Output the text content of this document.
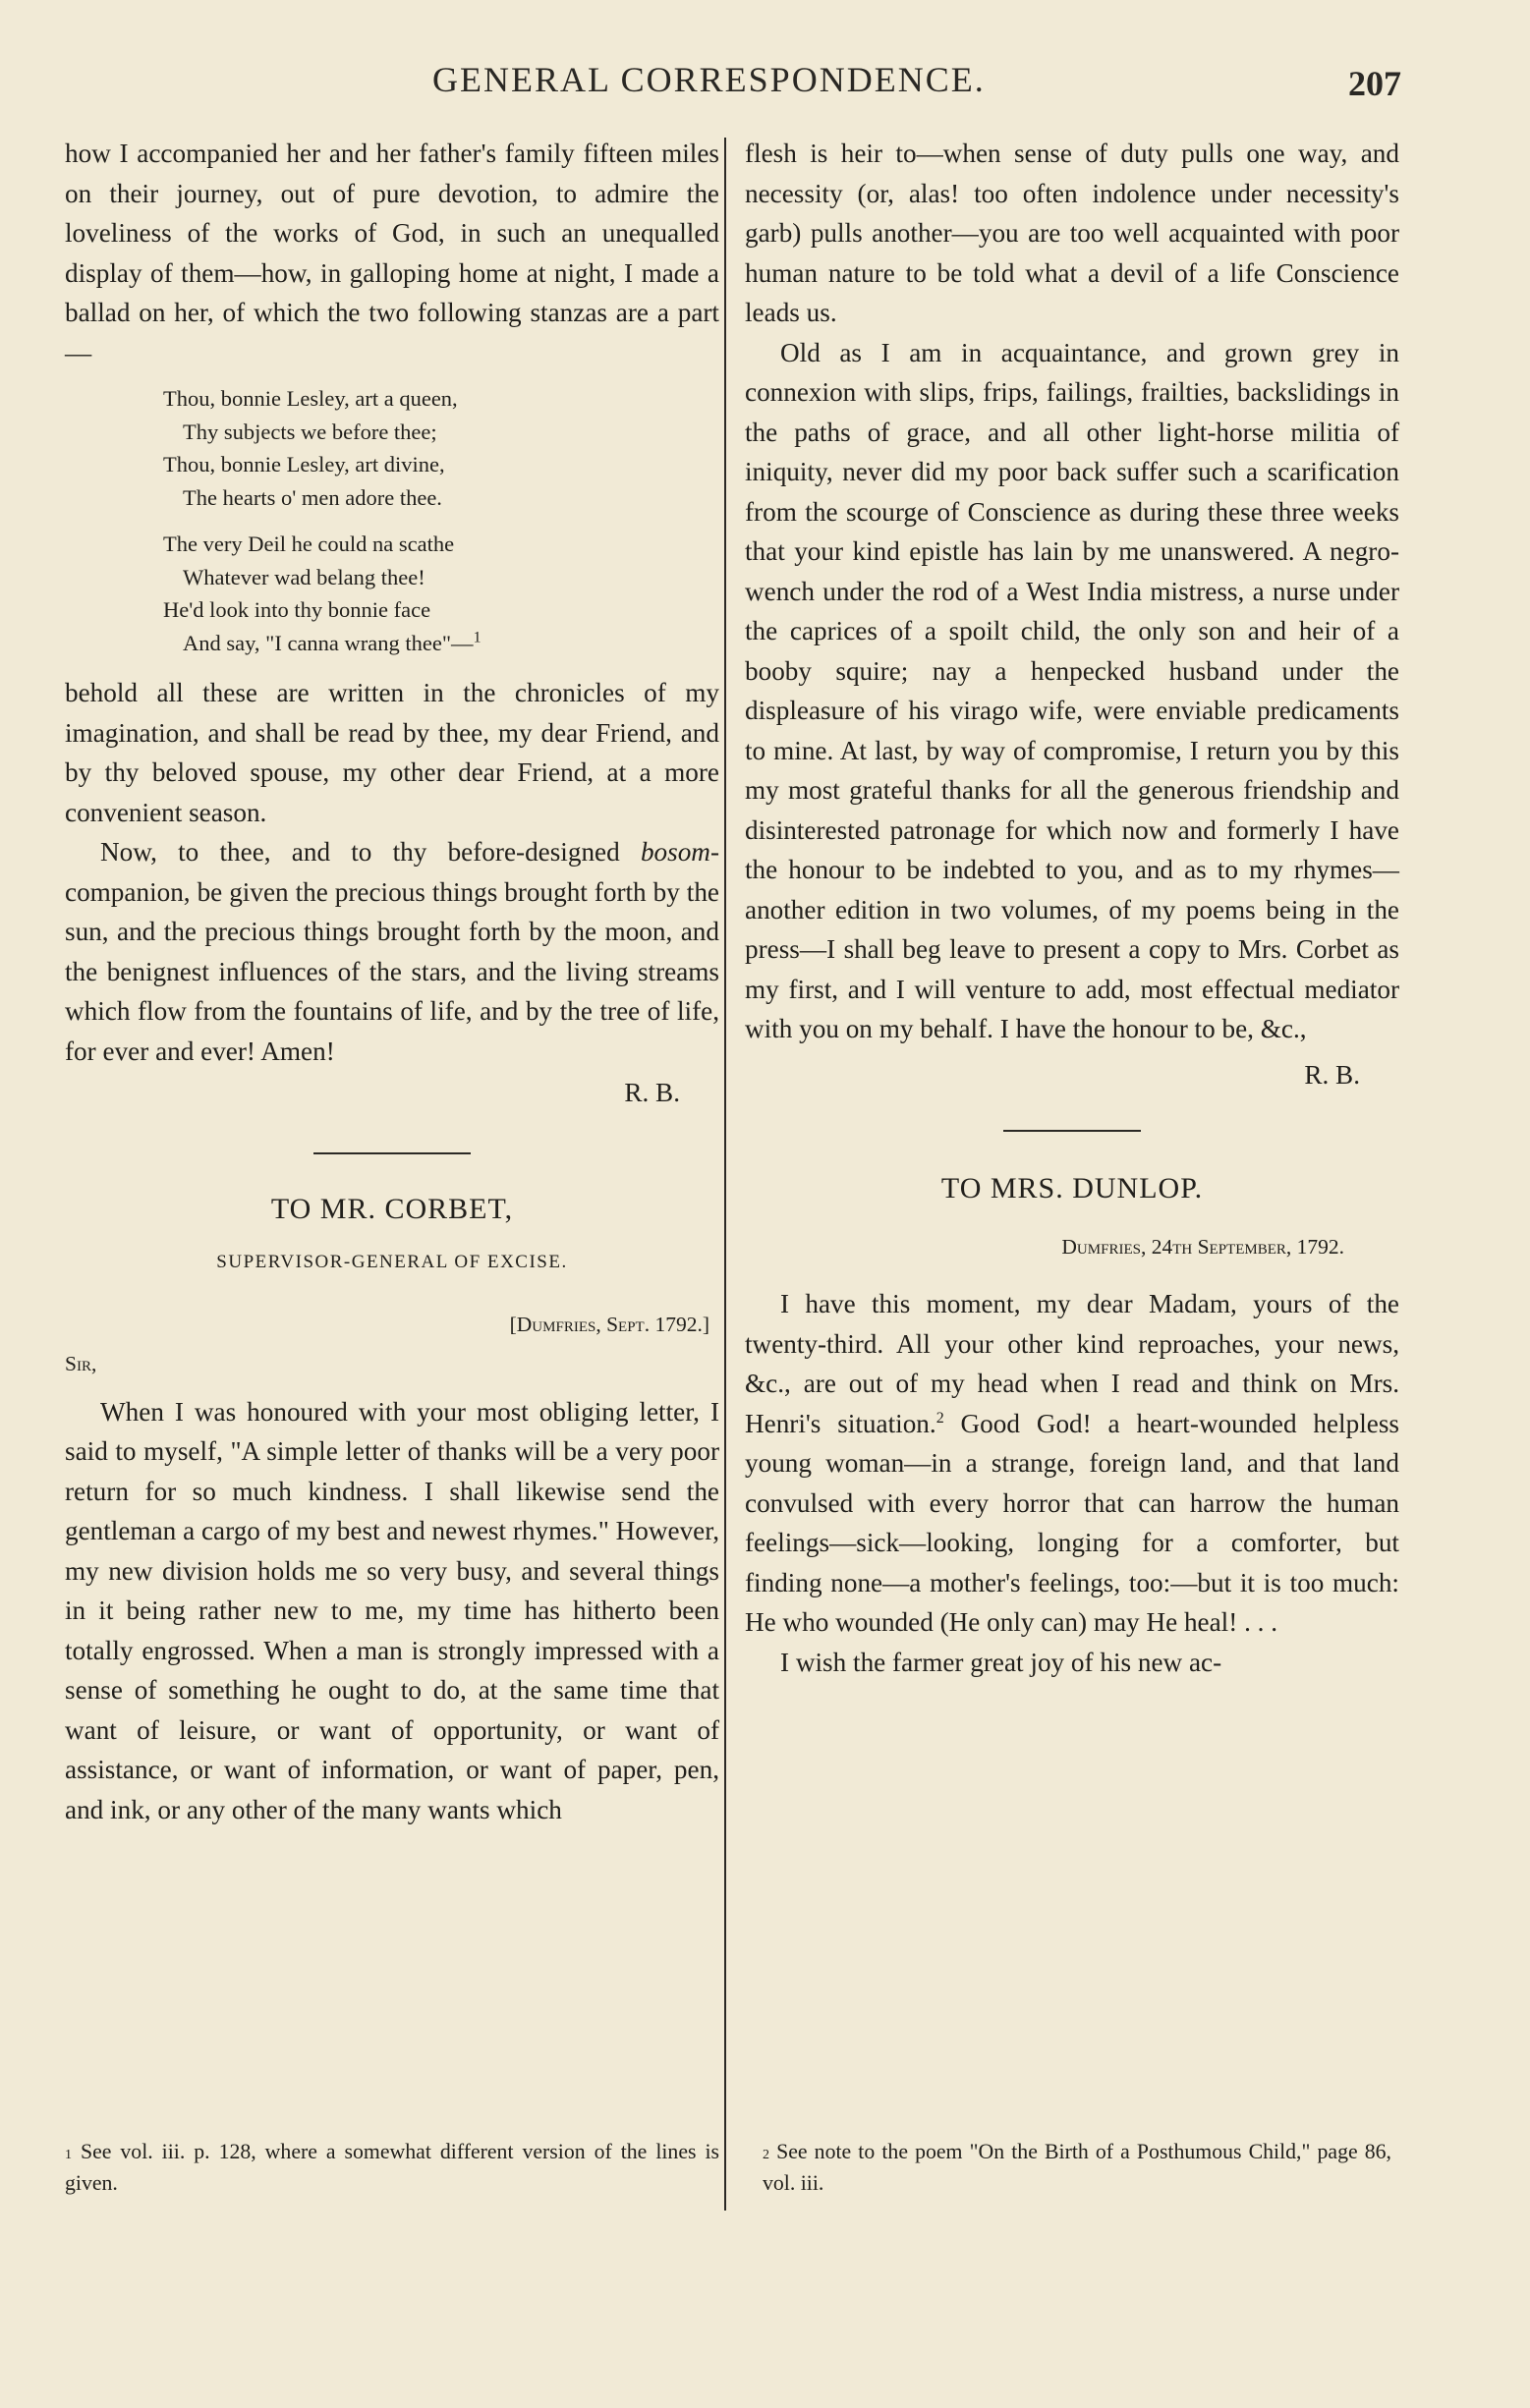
GENERAL CORRESPONDENCE.	207

how I accompanied her and her father's family fifteen miles on their journey, out of pure devotion, to admire the loveliness of the works of God, in such an unequalled display of them—how, in galloping home at night, I made a ballad on her, of which the two following stanzas are a part—

Thou, bonnie Lesley, art a queen,
Thy subjects we before thee;
Thou, bonnie Lesley, art divine,
The hearts o' men adore thee.
The very Deil he could na scathe
Whatever wad belang thee!
He'd look into thy bonnie face
And say, "I canna wrang thee"—$^1$

behold all these are written in the chronicles of my imagination, and shall be read by thee, my dear Friend, and by thy beloved spouse, my other dear Friend, at a more convenient season.

Now, to thee, and to thy before-designed bosom-companion, be given the precious things brought forth by the sun, and the precious things brought forth by the moon, and the benignest influences of the stars, and the living streams which flow from the fountains of life, and by the tree of life, for ever and ever! Amen!

R. B.
TO MR. CORBET,
SUPERVISOR-GENERAL OF EXCISE.
[Dumfries, Sept. 1792.]
Sir,

When I was honoured with your most obliging letter, I said to myself, "A simple letter of thanks will be a very poor return for so much kindness. I shall likewise send the gentleman a cargo of my best and newest rhymes." However, my new division holds me so very busy, and several things in it being rather new to me, my time has hitherto been totally engrossed. When a man is strongly impressed with a sense of something he ought to do, at the same time that want of leisure, or want of opportunity, or want of assistance, or want of information, or want of paper, pen, and ink, or any other of the many wants which

flesh is heir to—when sense of duty pulls one way, and necessity (or, alas! too often indolence under necessity's garb) pulls another—you are too well acquainted with poor human nature to be told what a devil of a life Conscience leads us.

Old as I am in acquaintance, and grown grey in connexion with slips, frips, failings, frailties, backslidings in the paths of grace, and all other light-horse militia of iniquity, never did my poor back suffer such a scarification from the scourge of Conscience as during these three weeks that your kind epistle has lain by me unanswered. A negro-wench under the rod of a West India mistress, a nurse under the caprices of a spoilt child, the only son and heir of a booby squire; nay a henpecked husband under the displeasure of his virago wife, were enviable predicaments to mine. At last, by way of compromise, I return you by this my most grateful thanks for all the generous friendship and disinterested patronage for which now and formerly I have the honour to be indebted to you, and as to my rhymes—another edition in two volumes, of my poems being in the press—I shall beg leave to present a copy to Mrs. Corbet as my first, and I will venture to add, most effectual mediator with you on my behalf. I have the honour to be, &c.,

R. B.
TO MRS. DUNLOP.
Dumfries, 24th September, 1792.

I have this moment, my dear Madam, yours of the twenty-third. All your other kind reproaches, your news, &c., are out of my head when I read and think on Mrs. Henri's situation.$^2$ Good God! a heart-wounded helpless young woman—in a strange, foreign land, and that land convulsed with every horror that can harrow the human feelings—sick—looking, longing for a comforter, but finding none—a mother's feelings, too:—but it is too much: He who wounded (He only can) may He heal! . . .

I wish the farmer great joy of his new ac-

$^1$ See vol. iii. p. 128, where a somewhat different version of the lines is given.
$^2$ See note to the poem "On the Birth of a Posthumous Child," page 86, vol. iii.
